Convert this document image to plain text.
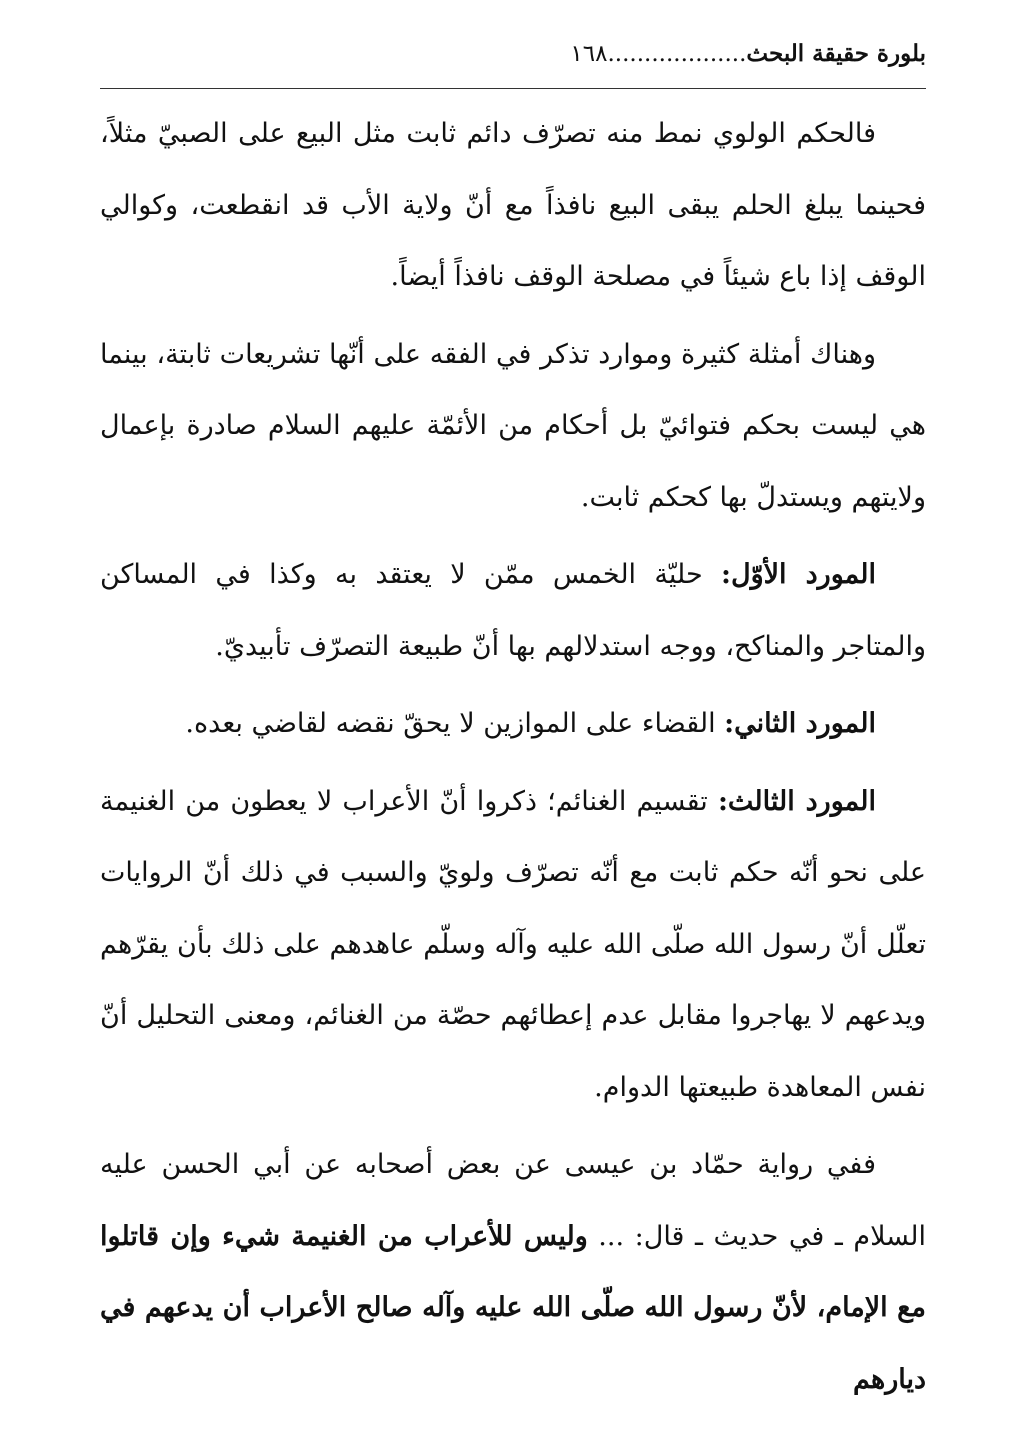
بلورة حقيقة البحث...................١٦٨

فالحكم الولوي نمط منه تصرّف دائم ثابت مثل البيع على الصبيّ مثلاً، فحينما يبلغ الحلم يبقى البيع نافذاً مع أنّ ولاية الأب قد انقطعت، وكوالي الوقف إذا باع شيئاً في مصلحة الوقف نافذاً أيضاً.

وهناك أمثلة كثيرة وموارد تذكر في الفقه على أنّها تشريعات ثابتة، بينما هي ليست بحكم فتوائيّ بل أحكام من الأئمّة عليهم السلام صادرة بإعمال ولايتهم ويستدلّ بها كحكم ثابت.

المورد الأوّل: حليّة الخمس ممّن لا يعتقد به وكذا في المساكن والمتاجر والمناكح، ووجه استدلالهم بها أنّ طبيعة التصرّف تأبيديّ.

المورد الثاني: القضاء على الموازين لا يحقّ نقضه لقاضي بعده.

المورد الثالث: تقسيم الغنائم؛ ذكروا أنّ الأعراب لا يعطون من الغنيمة على نحو أنّه حكم ثابت مع أنّه تصرّف ولويّ والسبب في ذلك أنّ الروايات تعلّل أنّ رسول الله صلّى الله عليه وآله وسلّم عاهدهم على ذلك بأن يقرّهم ويدعهم لا يهاجروا مقابل عدم إعطائهم حصّة من الغنائم، ومعنى التحليل أنّ نفس المعاهدة طبيعتها الدوام.

ففي رواية حمّاد بن عيسى عن بعض أصحابه عن أبي الحسن عليه السلام ـ في حديث ـ قال: ... وليس للأعراب من الغنيمة شيء وإن قاتلوا مع الإمام، لأنّ رسول الله صلّى الله عليه وآله صالح الأعراب أن يدعهم في ديارهم
